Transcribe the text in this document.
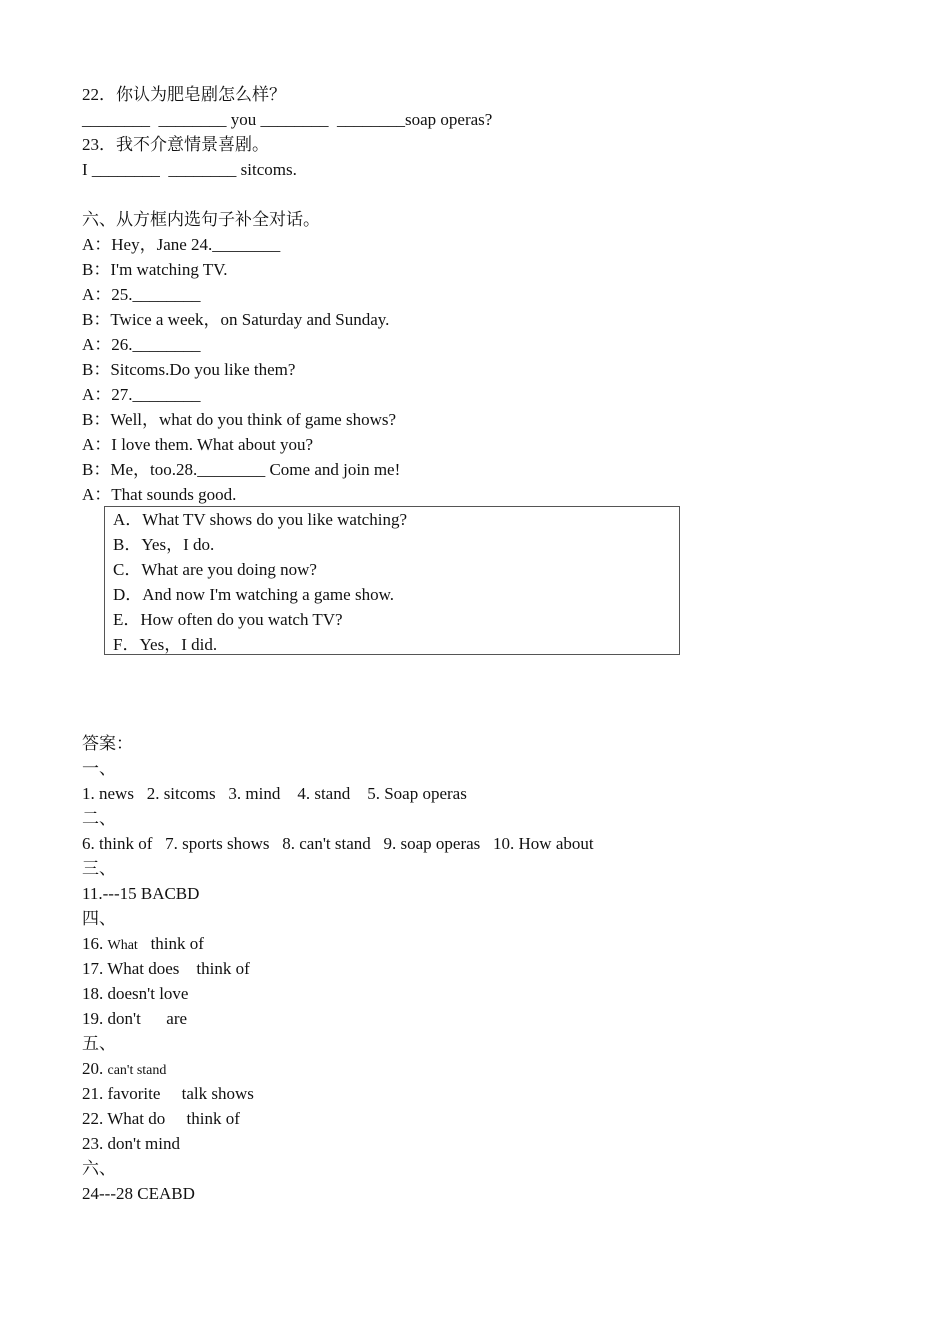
22．你认为肥皂剧怎么样？
________  ________ you ________  ________soap operas?
23．我不介意情景喜剧。
I ________  ________ sitcoms.
六、从方框内选句子补全对话。
A：Hey，Jane 24.________
B：I'm watching TV.
A：25.________
B：Twice a week，on Saturday and Sunday.
A：26.________
B：Sitcoms.Do you like them?
A：27.________
B：Well，what do you think of game shows?
A：I love them. What about you?
B：Me，too.28.________ Come and join me!
A：That sounds good.
A．What TV shows do you like watching?
B．Yes，I do.
C．What are you doing now?
D．And now I'm watching a game show.
E．How often do you watch TV?
F．Yes，I did.
答案：
一、
1. news   2. sitcoms   3. mind    4. stand    5. Soap operas
二、
6. think of   7. sports shows   8. can't stand   9. soap operas   10. How about
三、
11.---15 BACBD
四、
16. What   think of
17. What does    think of
18. doesn't love
19. don't      are
五、
20. can't stand
21. favorite     talk shows
22. What do     think of
23. don't mind
六、
24---28 CEABD
